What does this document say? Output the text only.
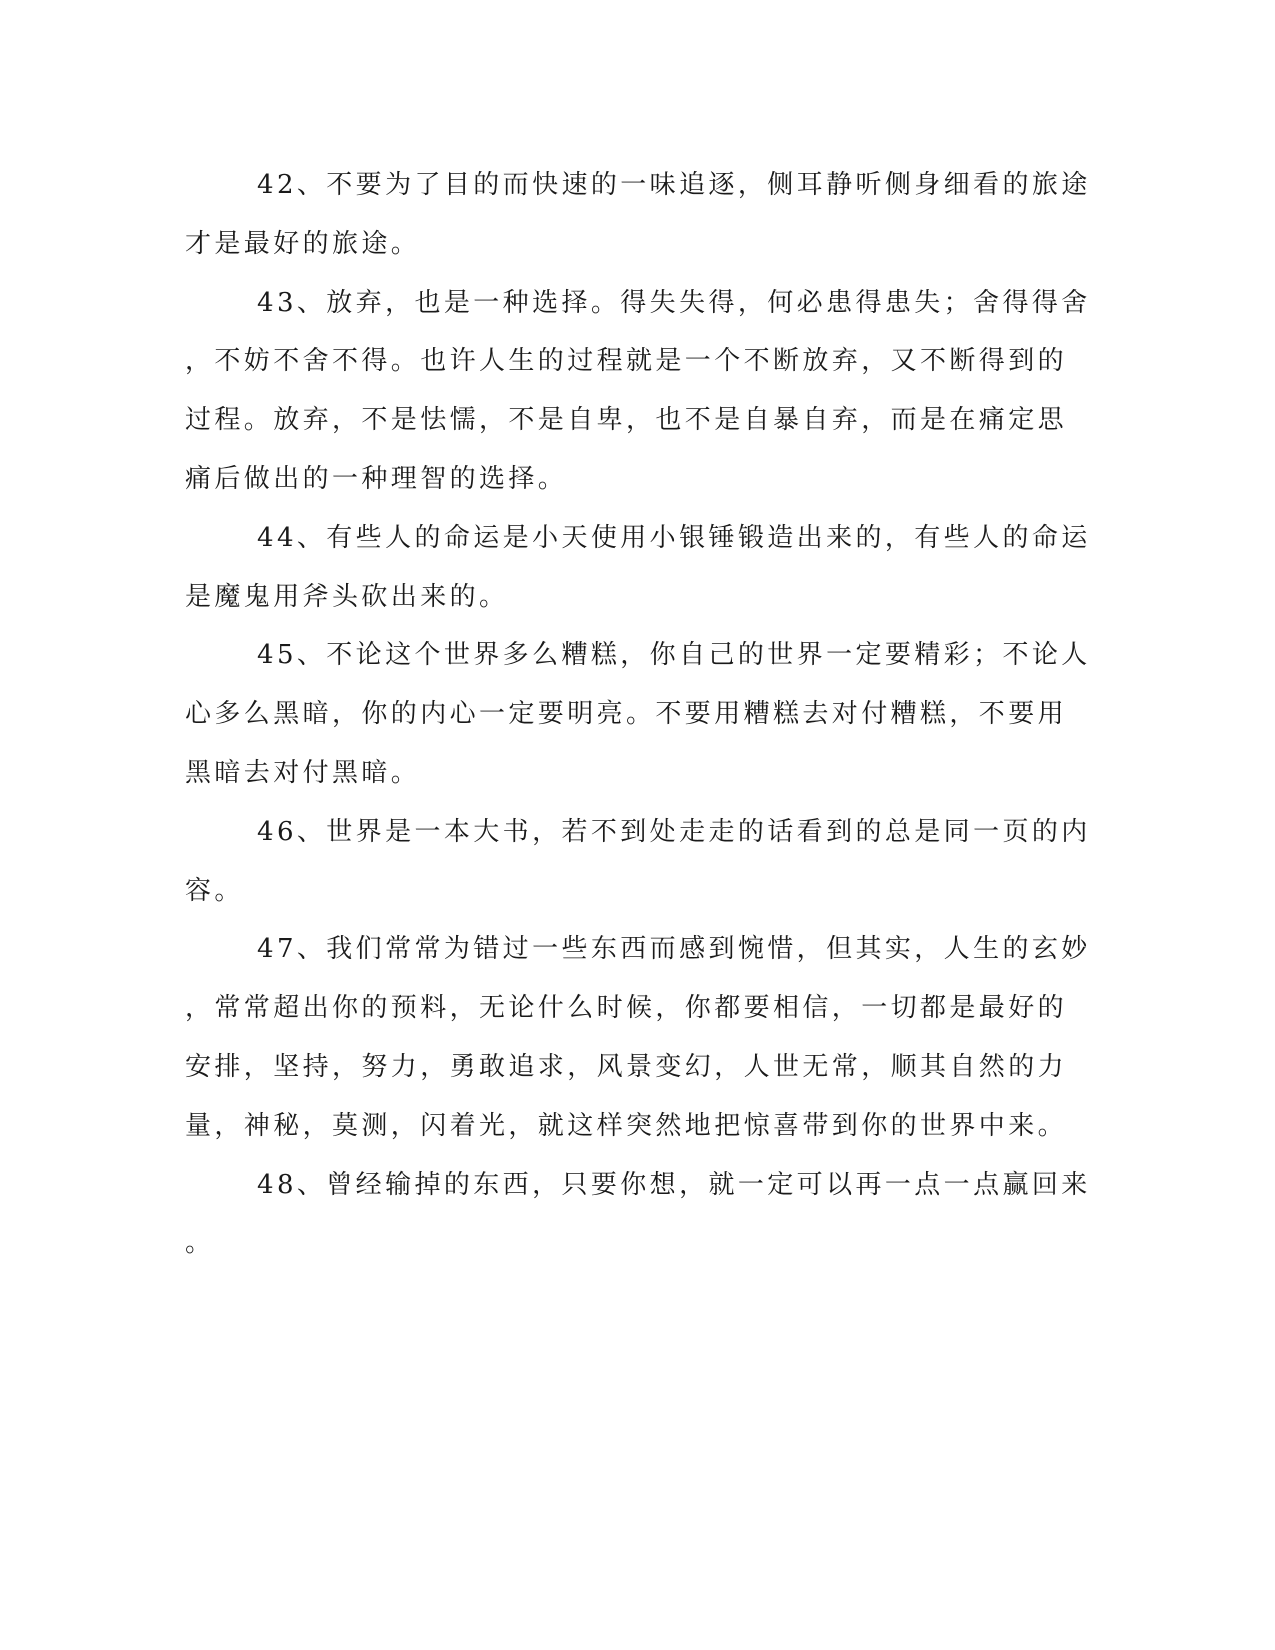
42、不要为了目的而快速的一味追逐，侧耳静听侧身细看的旅途
才是最好的旅途。
43、放弃，也是一种选择。得失失得，何必患得患失；舍得得舍
，不妨不舍不得。也许人生的过程就是一个不断放弃，又不断得到的
过程。放弃，不是怯懦，不是自卑，也不是自暴自弃，而是在痛定思
痛后做出的一种理智的选择。
44、有些人的命运是小天使用小银锤锻造出来的，有些人的命运
是魔鬼用斧头砍出来的。
45、不论这个世界多么糟糕，你自己的世界一定要精彩；不论人
心多么黑暗，你的内心一定要明亮。不要用糟糕去对付糟糕，不要用
黑暗去对付黑暗。
46、世界是一本大书，若不到处走走的话看到的总是同一页的内
容。
47、我们常常为错过一些东西而感到惋惜，但其实，人生的玄妙
，常常超出你的预料，无论什么时候，你都要相信，一切都是最好的
安排，坚持，努力，勇敢追求，风景变幻，人世无常，顺其自然的力
量，神秘，莫测，闪着光，就这样突然地把惊喜带到你的世界中来。
48、曾经输掉的东西，只要你想，就一定可以再一点一点赢回来
。
